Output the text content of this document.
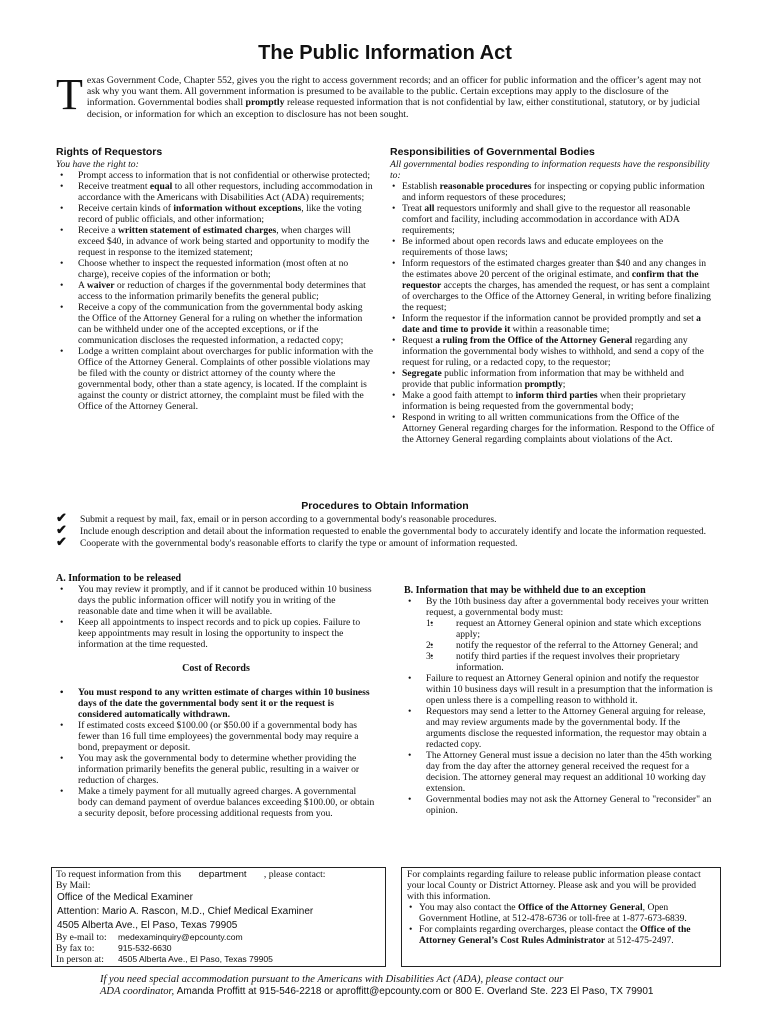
The Public Information Act
Texas Government Code, Chapter 552, gives you the right to access government records; and an officer for public information and the officer’s agent may not ask why you want them. All government information is presumed to be available to the public. Certain exceptions may apply to the disclosure of the information. Governmental bodies shall promptly release requested information that is not confidential by law, either constitutional, statutory, or by judicial decision, or information for which an exception to disclosure has not been sought.
Rights of Requestors
You have the right to:
• Prompt access to information that is not confidential or otherwise protected;
• Receive treatment equal to all other requestors, including accommodation in accordance with the Americans with Disabilities Act (ADA) requirements;
• Receive certain kinds of information without exceptions, like the voting record of public officials, and other information;
• Receive a written statement of estimated charges, when charges will exceed $40, in advance of work being started and opportunity to modify the request in response to the itemized statement;
• Choose whether to inspect the requested information (most often at no charge), receive copies of the information or both;
• A waiver or reduction of charges if the governmental body determines that access to the information primarily benefits the general public;
• Receive a copy of the communication from the governmental body asking the Office of the Attorney General for a ruling on whether the information can be withheld under one of the accepted exceptions, or if the communication discloses the requested information, a redacted copy;
• Lodge a written complaint about overcharges for public information with the Office of the Attorney General. Complaints of other possible violations may be filed with the county or district attorney of the county where the governmental body, other than a state agency, is located. If the complaint is against the county or district attorney, the complaint must be filed with the Office of the Attorney General.
Responsibilities of Governmental Bodies
All governmental bodies responding to information requests have the responsibility to:
• Establish reasonable procedures for inspecting or copying public information and inform requestors of these procedures;
• Treat all requestors uniformly and shall give to the requestor all reasonable comfort and facility, including accommodation in accordance with ADA requirements;
• Be informed about open records laws and educate employees on the requirements of those laws;
• Inform requestors of the estimated charges greater than $40 and any changes in the estimates above 20 percent of the original estimate, and confirm that the requestor accepts the charges, has amended the request, or has sent a complaint of overcharges to the Office of the Attorney General, in writing before finalizing the request;
• Inform the requestor if the information cannot be provided promptly and set a date and time to provide it within a reasonable time;
• Request a ruling from the Office of the Attorney General regarding any information the governmental body wishes to withhold, and send a copy of the request for ruling, or a redacted copy, to the requestor;
• Segregate public information from information that may be withheld and provide that public information promptly;
• Make a good faith attempt to inform third parties when their proprietary information is being requested from the governmental body;
• Respond in writing to all written communications from the Office of the Attorney General regarding charges for the information. Respond to the Office of the Attorney General regarding complaints about violations of the Act.
Procedures to Obtain Information
✔ Submit a request by mail, fax, email or in person according to a governmental body's reasonable procedures.
✔ Include enough description and detail about the information requested to enable the governmental body to accurately identify and locate the information requested.
✔ Cooperate with the governmental body's reasonable efforts to clarify the type or amount of information requested.
A. Information to be released
• You may review it promptly, and if it cannot be produced within 10 business days the public information officer will notify you in writing of the reasonable date and time when it will be available.
• Keep all appointments to inspect records and to pick up copies. Failure to keep appointments may result in losing the opportunity to inspect the information at the time requested.
Cost of Records
• You must respond to any written estimate of charges within 10 business days of the date the governmental body sent it or the request is considered automatically withdrawn.
• If estimated costs exceed $100.00 (or $50.00 if a governmental body has fewer than 16 full time employees) the governmental body may require a bond, prepayment or deposit.
• You may ask the governmental body to determine whether providing the information primarily benefits the general public, resulting in a waiver or reduction of charges.
• Make a timely payment for all mutually agreed charges. A governmental body can demand payment of overdue balances exceeding $100.00, or obtain a security deposit, before processing additional requests from you.
B. Information that may be withheld due to an exception
• By the 10th business day after a governmental body receives your written request, a governmental body must:
• 1. request an Attorney General opinion and state which exceptions apply;
• 2. notify the requestor of the referral to the Attorney General; and
• 3. notify third parties if the request involves their proprietary information.
• Failure to request an Attorney General opinion and notify the requestor within 10 business days will result in a presumption that the information is open unless there is a compelling reason to withhold it.
• Requestors may send a letter to the Attorney General arguing for release, and may review arguments made by the governmental body. If the arguments disclose the requested information, the requestor may obtain a redacted copy.
• The Attorney General must issue a decision no later than the 45th working day from the day after the attorney general received the request for a decision. The attorney general may request an additional 10 working day extension.
• Governmental bodies may not ask the Attorney General to "reconsider" an opinion.
To request information from this department , please contact:
By Mail:
Office of the Medical Examiner
Attention: Mario A. Rascon, M.D., Chief Medical Examiner
4505 Alberta Ave., El Paso, Texas 79905
By e-mail to: medexaminquiry@epcounty.com
By fax to:	915-532-6630
In person at: 4505 Alberta Ave., El Paso, Texas 79905
For complaints regarding failure to release public information please contact your local County or District Attorney. Please ask and you will be provided with this information.
• You may also contact the Office of the Attorney General, Open Government Hotline, at 512-478-6736 or toll-free at 1-877-673-6839.
• For complaints regarding overcharges, please contact the Office of the Attorney General’s Cost Rules Administrator at 512-475-2497.
If you need special accommodation pursuant to the Americans with Disabilities Act (ADA), please contact our
ADA coordinator, Amanda Proffitt at 915-546-2218 or aproffitt@epcounty.com or 800 E. Overland Ste. 223 El Paso, TX 79901
